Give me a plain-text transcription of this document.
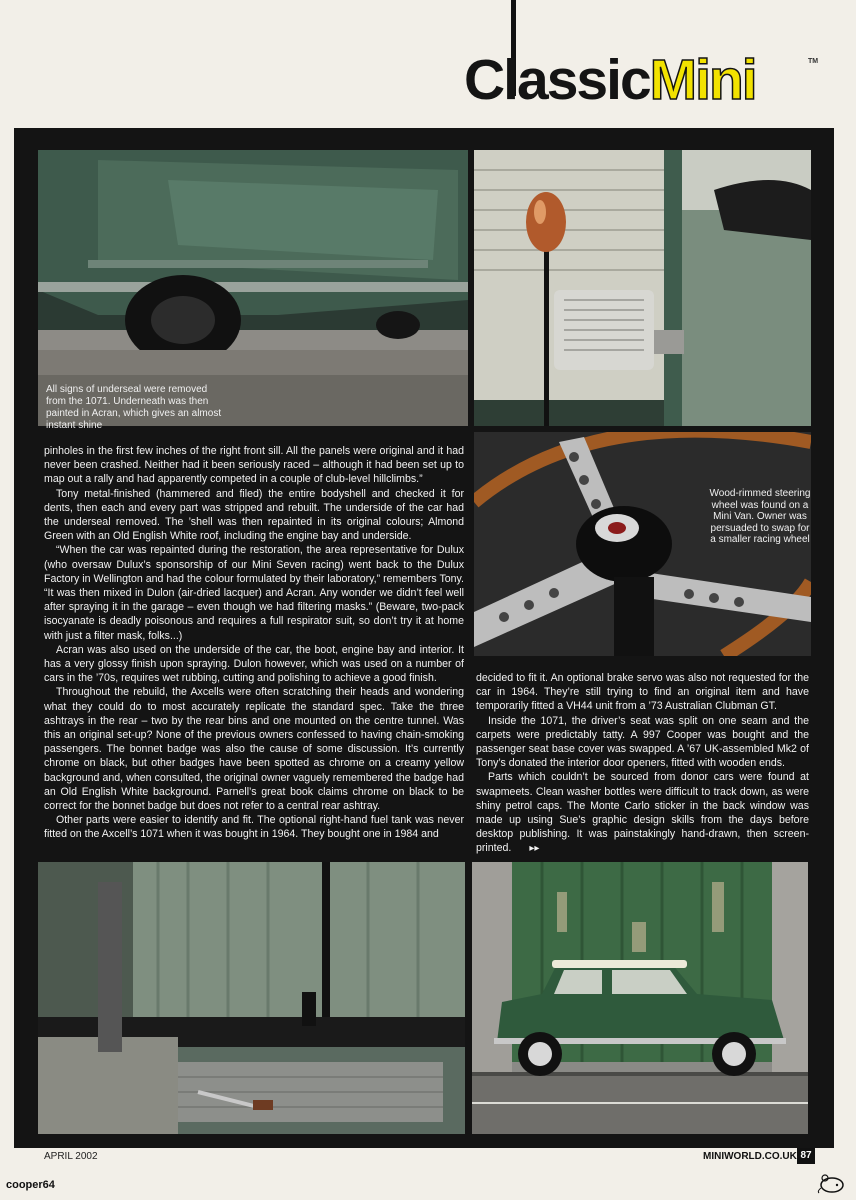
ClassicMini	TM
All signs of underseal were removed from the 1071. Underneath was then painted in Acran, which gives an almost instant shine
Wood-rimmed steering wheel was found on a Mini Van. Owner was persuaded to swap for a smaller racing wheel

pinholes in the first few inches of the right front sill. All the panels were original and it had never been crashed. Neither had it been seriously raced – although it had been set up to map out a rally and had apparently competed in a couple of club-level hillclimbs.”

Tony metal-finished (hammered and filed) the entire bodyshell and checked it for dents, then each and every part was stripped and rebuilt. The underside of the car had the underseal removed. The ’shell was then repainted in its original colours; Almond Green with an Old English White roof, including the engine bay and underside.

“When the car was repainted during the restoration, the area representative for Dulux (who oversaw Dulux’s sponsorship of our Mini Seven racing) went back to the Dulux Factory in Wellington and had the colour formulated by their laboratory,” remembers Tony. “It was then mixed in Dulon (air-dried lacquer) and Acran. Any wonder we didn’t feel well after spraying it in the garage – even though we had filtering masks.” (Beware, two-pack isocyanate is deadly poisonous and requires a full respirator suit, so don’t try it at home with just a filter mask, folks...)

Acran was also used on the underside of the car, the boot, engine bay and interior. It has a very glossy finish upon spraying. Dulon however, which was used on a number of cars in the ’70s, requires wet rubbing, cutting and polishing to achieve a good finish.

Throughout the rebuild, the Axcells were often scratching their heads and wondering what they could do to most accurately replicate the standard spec. Take the three ashtrays in the rear – two by the rear bins and one mounted on the centre tunnel. Was this an original set-up? None of the previous owners confessed to having chain-smoking passengers. The bonnet badge was also the cause of some discussion. It’s currently chrome on black, but other badges have been spotted as chrome on a creamy yellow background and, when consulted, the original owner vaguely remembered the badge had an Old English White background. Parnell’s great book claims chrome on black to be correct for the bonnet badge but does not refer to a central rear ashtray.

Other parts were easier to identify and fit. The optional right-hand fuel tank was never fitted on the Axcell’s 1071 when it was bought in 1964. They bought one in 1984 and

decided to fit it. An optional brake servo was also not requested for the car in 1964. They’re still trying to find an original item and have temporarily fitted a VH44 unit from a ’73 Australian Clubman GT.

Inside the 1071, the driver’s seat was split on one seam and the carpets were predictably tatty. A 997 Cooper was bought and the passenger seat base cover was swapped. A ’67 UK-assembled Mk2 of Tony’s donated the interior door openers, fitted with wooden ends.

Parts which couldn’t be sourced from donor cars were found at swapmeets. Clean washer bottles were difficult to track down, as were shiny petrol caps. The Monte Carlo sticker in the back window was made up using Sue’s graphic design skills from the days before desktop publishing. It was painstakingly hand-drawn, then screen-printed. ▸▸

APRIL 2002	MINIWORLD.CO.UK 87
cooper64
